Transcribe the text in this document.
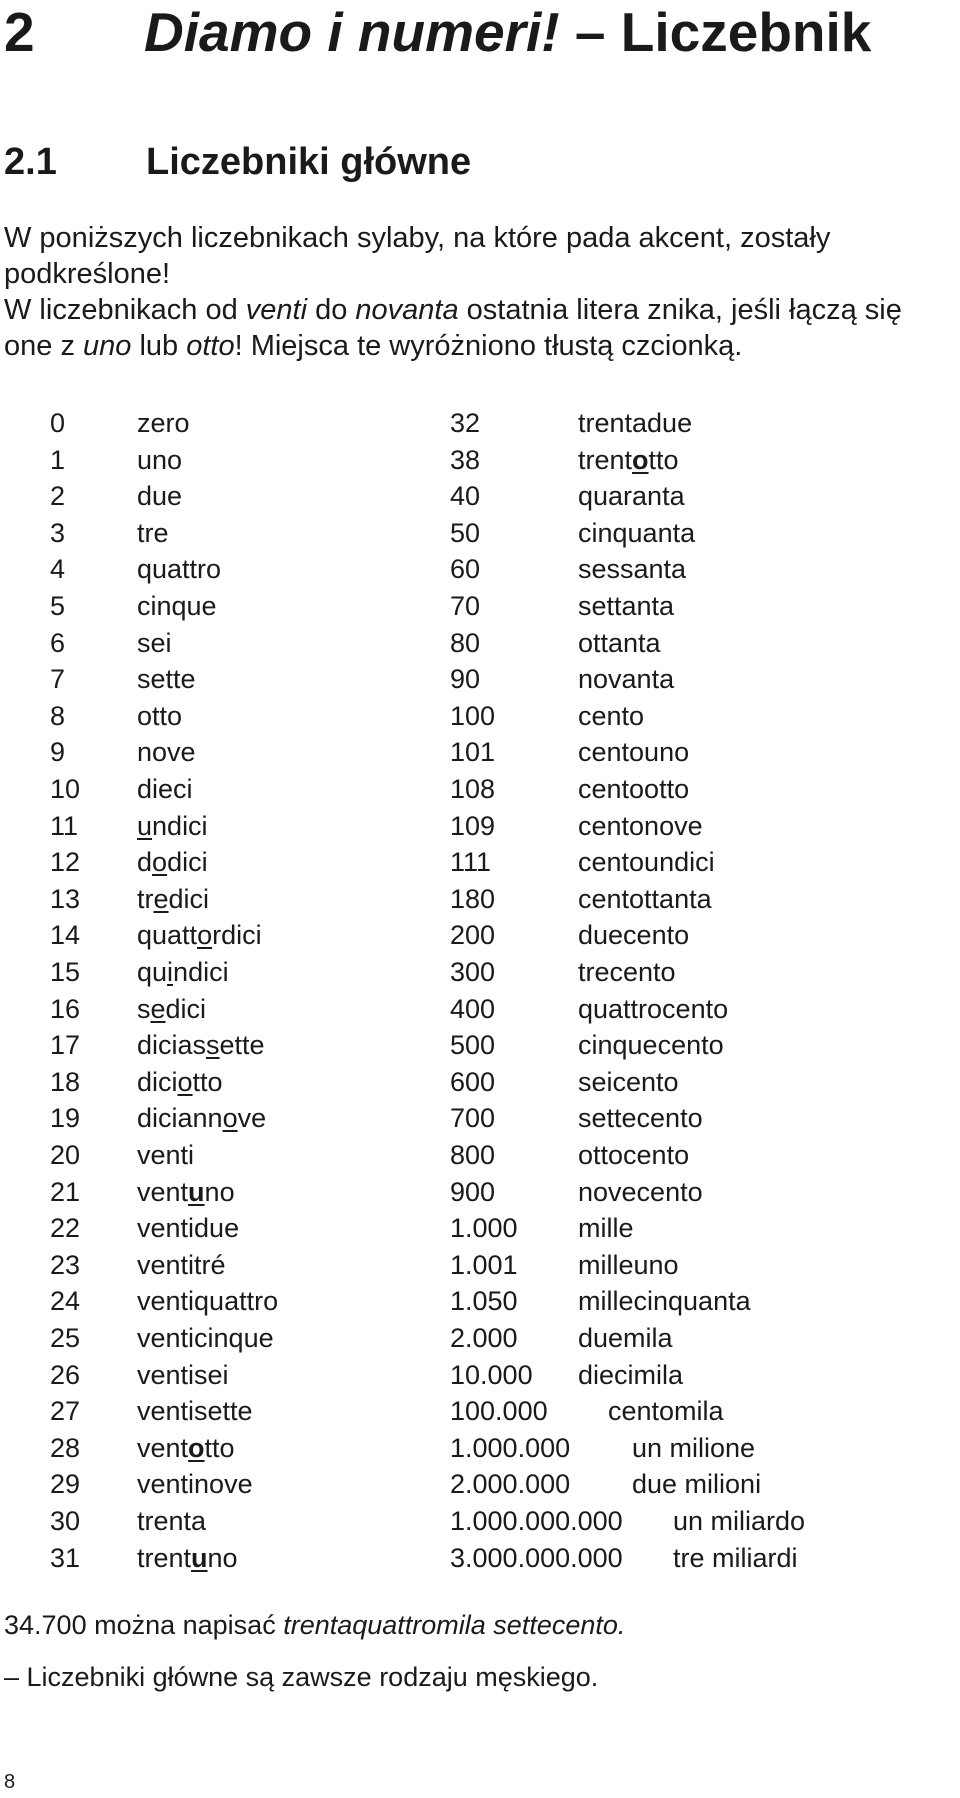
2 Diamo i numeri! – Liczebnik
2.1 Liczebniki główne

W poniższych liczebnikach sylaby, na które pada akcent, zostały podkreślone!
W liczebnikach od venti do novanta ostatnia litera znika, jeśli łączą się one z uno lub otto! Miejsca te wyróżniono tłustą czcionką.

0	zero	32	trentadue
1	uno	38	trentotto
2	due	40	quaranta
3	tre	50	cinquanta
4	quattro	60	sessanta
5	cinque	70	settanta
6	sei	80	ottanta
7	sette	90	novanta
8	otto	100	cento
9	nove	101	centouno
10 dieci	108	centootto
11 undici	109	centonove
12 dodici	111	centoundici
13 tredici	180	centottanta
14 quattordici	200	duecento
15 quindici	300	trecento
16 sedici	400	quattrocento
17 diciassette	500	cinquecento
18 diciotto	600	seicento
19 diciannove	700	settecento
20 venti	800	ottocento
21 ventuno	900	novecento
22 ventidue	1.000 mille
23 ventitré	1.001 milleuno
24 ventiquattro	1.050 millecinquanta
25 venticinque	2.000 duemila
26 ventisei	10.000 diecimila
27 ventisette	100.000 centomila
28 ventotto	1.000.000 un milione
29 ventinove	2.000.000 due milioni
30 trenta	1.000.000.000 un miliardo
31 trentuno	3.000.000.000 tre miliardi

34.700 można napisać trentaquattromila settecento.

– Liczebniki główne są zawsze rodzaju męskiego.

8
